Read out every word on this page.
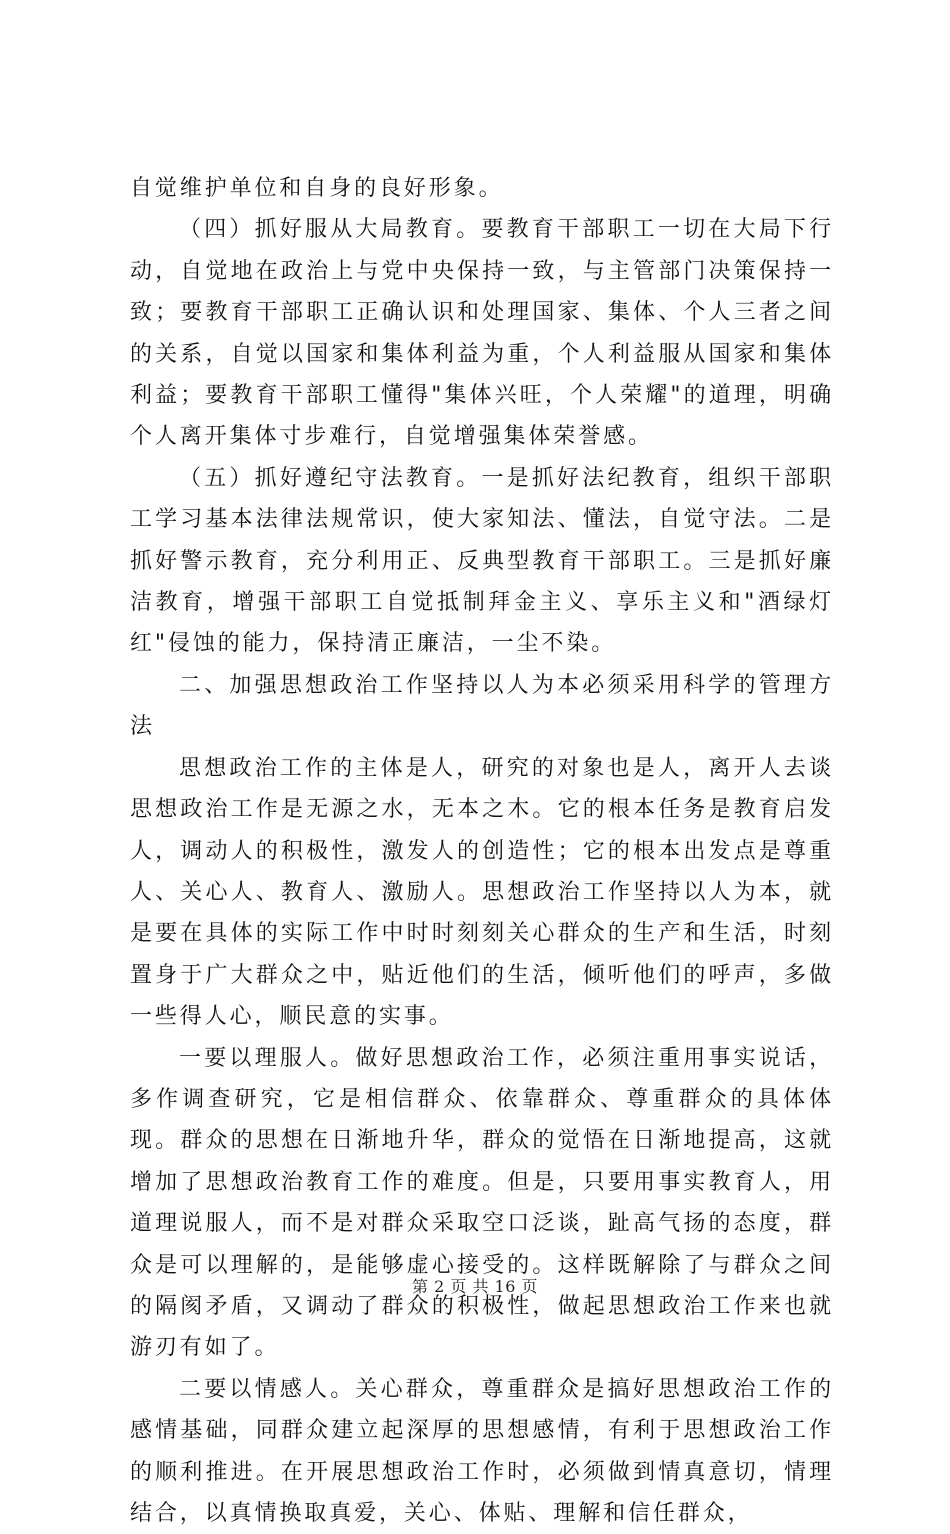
自觉维护单位和自身的良好形象。

（四）抓好服从大局教育。要教育干部职工一切在大局下行动，自觉地在政治上与党中央保持一致，与主管部门决策保持一致；要教育干部职工正确认识和处理国家、集体、个人三者之间的关系，自觉以国家和集体利益为重，个人利益服从国家和集体利益；要教育干部职工懂得"集体兴旺，个人荣耀"的道理，明确个人离开集体寸步难行，自觉增强集体荣誉感。

（五）抓好遵纪守法教育。一是抓好法纪教育，组织干部职工学习基本法律法规常识，使大家知法、懂法，自觉守法。二是抓好警示教育，充分利用正、反典型教育干部职工。三是抓好廉洁教育，增强干部职工自觉抵制拜金主义、享乐主义和"酒绿灯红"侵蚀的能力，保持清正廉洁，一尘不染。

二、加强思想政治工作坚持以人为本必须采用科学的管理方法

思想政治工作的主体是人，研究的对象也是人，离开人去谈思想政治工作是无源之水，无本之木。它的根本任务是教育启发人，调动人的积极性，激发人的创造性；它的根本出发点是尊重人、关心人、教育人、激励人。思想政治工作坚持以人为本，就是要在具体的实际工作中时时刻刻关心群众的生产和生活，时刻置身于广大群众之中，贴近他们的生活，倾听他们的呼声，多做一些得人心，顺民意的实事。

一要以理服人。做好思想政治工作，必须注重用事实说话，多作调查研究，它是相信群众、依靠群众、尊重群众的具体体现。群众的思想在日渐地升华，群众的觉悟在日渐地提高，这就增加了思想政治教育工作的难度。但是，只要用事实教育人，用道理说服人，而不是对群众采取空口泛谈，趾高气扬的态度，群众是可以理解的，是能够虚心接受的。这样既解除了与群众之间的隔阂矛盾，又调动了群众的积极性，做起思想政治工作来也就游刃有如了。

二要以情感人。关心群众，尊重群众是搞好思想政治工作的感情基础，同群众建立起深厚的思想感情，有利于思想政治工作的顺利推进。在开展思想政治工作时，必须做到情真意切，情理结合，以真情换取真爱，关心、体贴、理解和信任群众，

第 2 页 共 16 页
